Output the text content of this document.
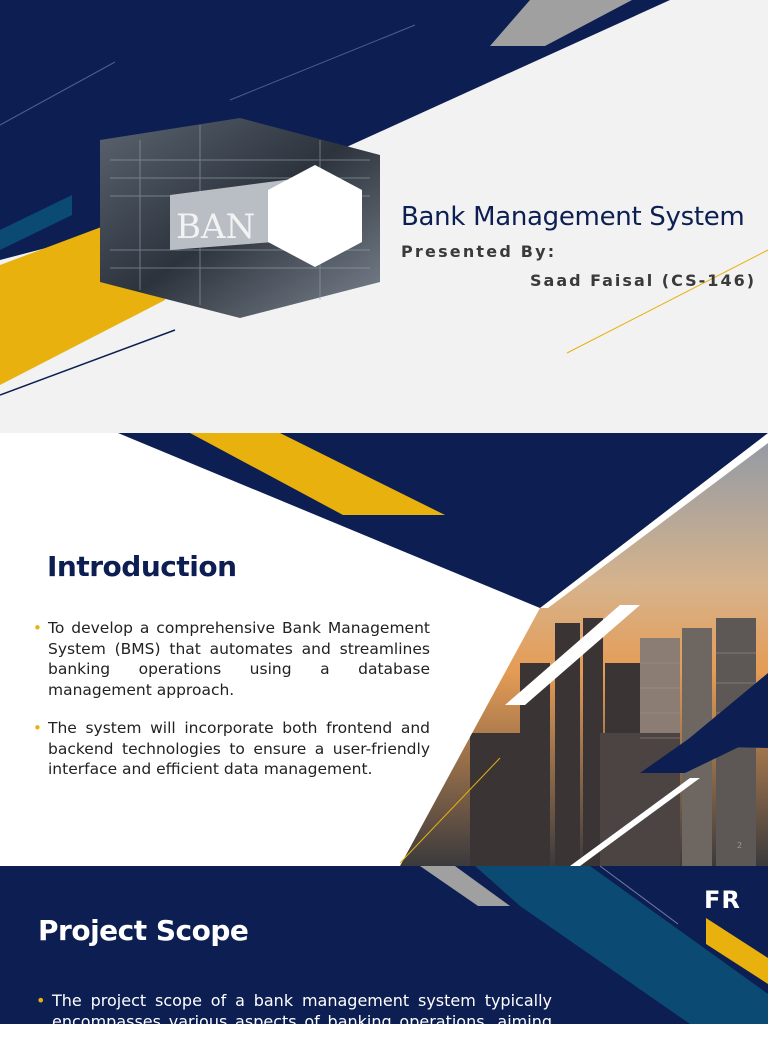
BAN	Bank Management System
Presented By:
Saad Faisal (CS-146)
Introduction
• To develop a comprehensive Bank Management System (BMS) that automates and streamlines banking operations using a database management approach.
• The system will incorporate both frontend and backend technologies to ensure a user-friendly interface and efficient data management.
2
FR
Project Scope
• The project scope of a bank management system typically encompasses various aspects of banking operations, aiming to
